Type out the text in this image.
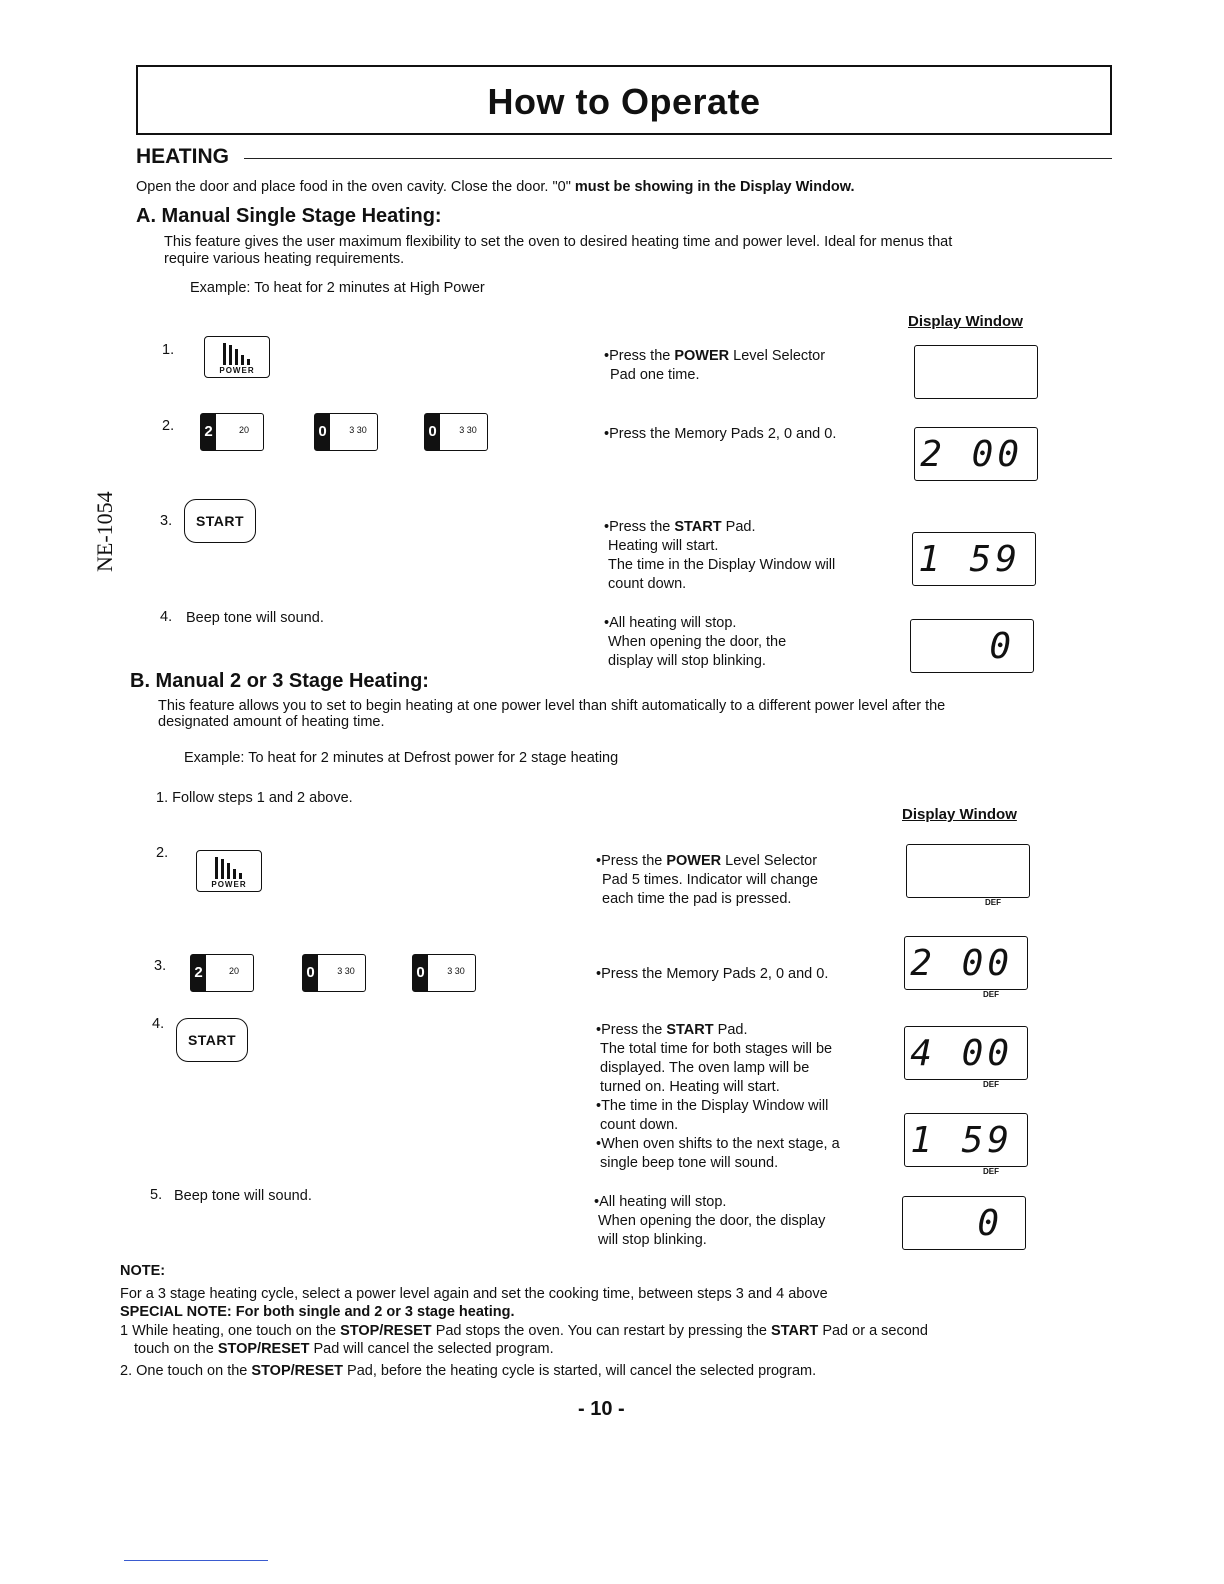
How to Operate
NE-1054
HEATING
Open the door and place food in the oven cavity. Close the door. "0" must be showing in the Display Window.
A. Manual Single Stage Heating:
This feature gives the user maximum flexibility to set the oven to desired heating time and power level. Ideal for menus that
require various heating requirements.
Example: To heat for 2 minutes at High Power
Display Window
1.
POWER
•Press the POWER Level Selector
Pad one time.
2. 2	20	0	3 30	0	3 30	•Press the Memory Pads 2, 0 and 0. 2 00
3.	START	•Press the START Pad.
Heating will start.
The time in the Display Window will
count down.
1 59
4. Beep tone will sound.	•All heating will stop.
When opening the door, the
display will stop blinking.	0
B. Manual 2 or 3 Stage Heating:
This feature allows you to set to begin heating at one power level than shift automatically to a different power level after the
designated amount of heating time.
Example: To heat for 2 minutes at Defrost power for 2 stage heating
1. Follow steps 1 and 2 above.
Display Window
2.
POWER
•Press the POWER Level Selector
Pad 5 times. Indicator will change
each time the pad is pressed.	DEF
3. 2	20	0	3 30	0	3 30	•Press the Memory Pads 2, 0 and 0. 2 00
DEF
4.
START
•Press the START Pad.
The total time for both stages will be
displayed. The oven lamp will be
turned on. Heating will start.
•The time in the Display Window will
count down.
•When oven shifts to the next stage, a
single beep tone will sound.
4 00
DEF
1 59
DEF
5. Beep tone will sound.	•All heating will stop.
When opening the door, the display
will stop blinking.	0
NOTE:
For a 3 stage heating cycle, select a power level again and set the cooking time, between steps 3 and 4 above
SPECIAL NOTE: For both single and 2 or 3 stage heating.
1 While heating, one touch on the STOP/RESET Pad stops the oven. You can restart by pressing the START Pad or a second
touch on the STOP/RESET Pad will cancel the selected program.
2. One touch on the STOP/RESET Pad, before the heating cycle is started, will cancel the selected program.
- 10 -
